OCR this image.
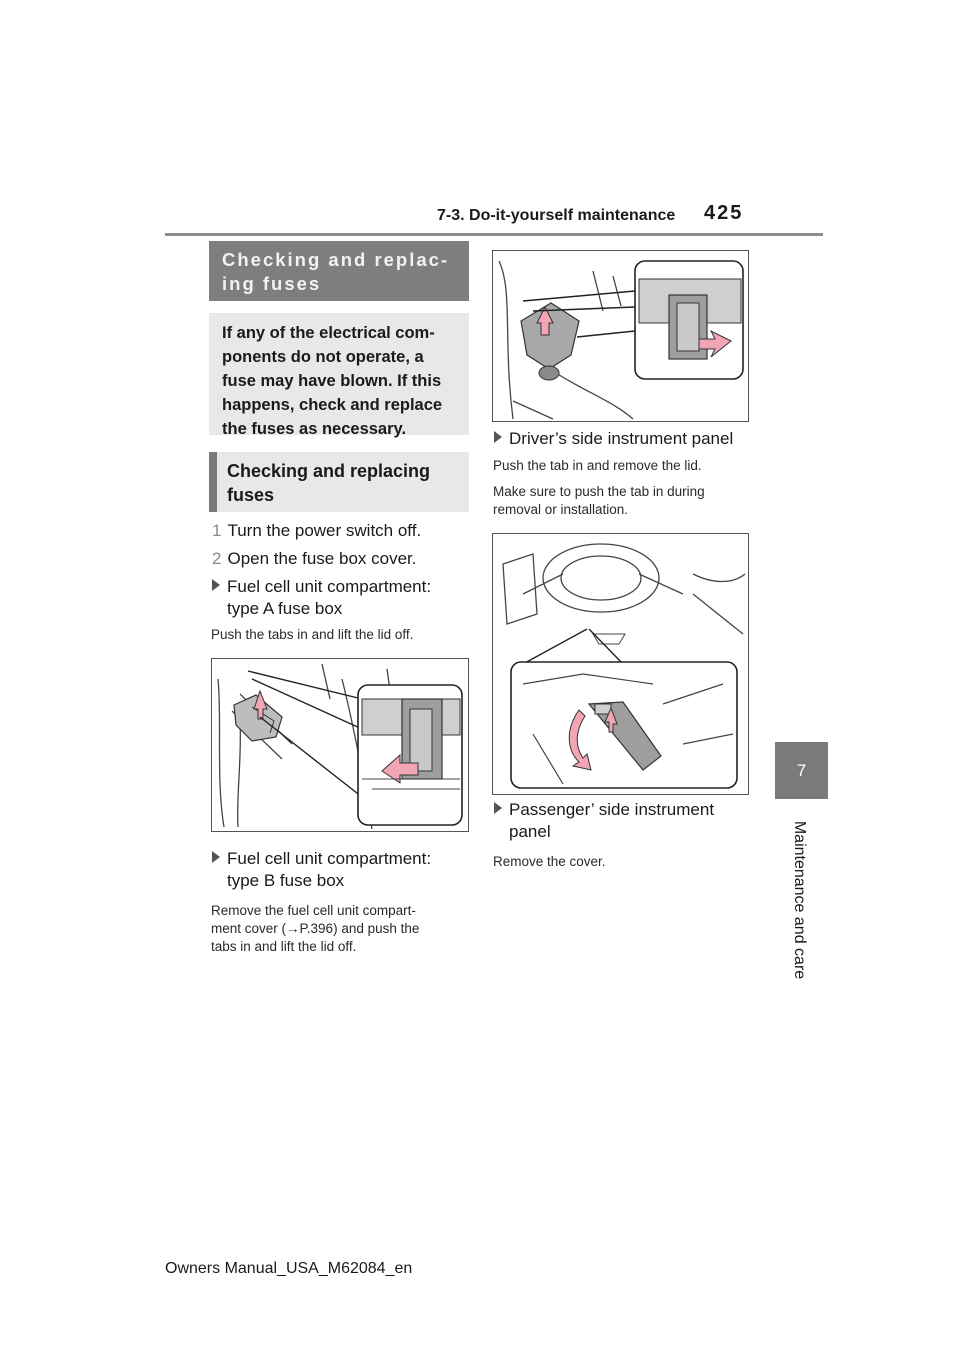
7-3. Do-it-yourself maintenance 425
7
Maintenance and care
Checking and replac-
ing fuses
If any of the electrical com-
ponents do not operate, a
fuse may have blown. If this
happens, check and replace
the fuses as necessary.
Checking and replacing
fuses
1 Turn the power switch off.
2 Open the fuse box cover.
Fuel cell unit compartment:
type A fuse box
Push the tabs in and lift the lid off.
Fuel cell unit compartment:
type B fuse box
Remove the fuel cell unit compart-
ment cover (→P.396) and push the
tabs in and lift the lid off.
Driver’s side instrument panel
Push the tab in and remove the lid.
Make sure to push the tab in during
removal or installation.
Passenger’ side instrument
panel
Remove the cover.
Owners Manual_USA_M62084_en
